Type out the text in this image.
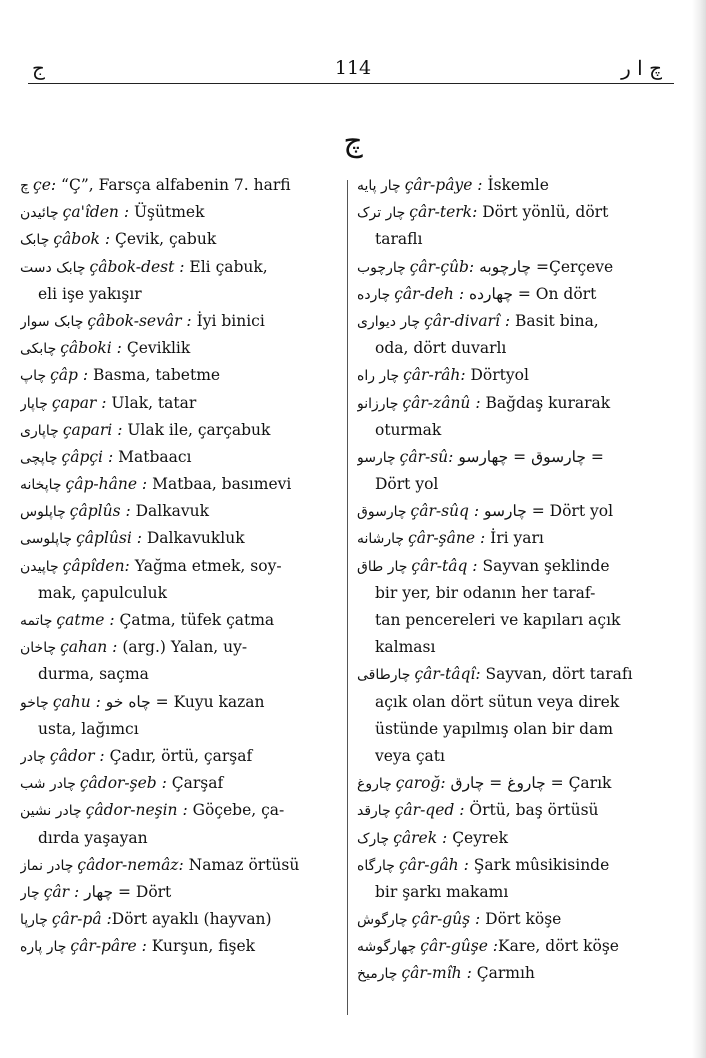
ج	114	چ ا ر
چ
چ çe: “Ç”, Farsça alfabenin 7. harfi
چائیدن ça'îden : Üşütmek
چابک çâbok : Çevik, çabuk
چابک دست çâbok-dest : Eli çabuk,
eli işe yakışır
چابک سوار çâbok-sevâr : İyi binici
چابکی çâboki : Çeviklik
چاپ çâp : Basma, tabetme
چاپار çapar : Ulak, tatar
چاپاری çapari : Ulak ile, çarçabuk
چاپچی çâpçi : Matbaacı
چاپخانه çâp-hâne : Matbaa, basımevi
چاپلوس çâplûs : Dalkavuk
چاپلوسی çâplûsi : Dalkavukluk
چاپیدن çâpîden: Yağma etmek, soy-
mak, çapulculuk
چاتمه çatme : Çatma, tüfek çatma
چاخان çahan : (arg.) Yalan, uy-
durma, saçma
چاخو çahu : چاه خو = Kuyu kazan
usta, lağımcı
چادر çâdor : Çadır, örtü, çarşaf
چادر شب çâdor-şeb : Çarşaf
چادر نشین çâdor-neşin : Göçebe, ça-
dırda yaşayan
چادر نماز çâdor-nemâz: Namaz örtüsü
چار çâr : چهار = Dört
چارپا çâr-pâ :Dört ayaklı (hayvan)
چار پاره çâr-pâre : Kurşun, fişek
چار پایه çâr-pâye : İskemle
چار ترک çâr-terk: Dört yönlü, dört
taraflı
چارچوب çâr-çûb: چارچوبه =Çerçeve
چارده çâr-deh : چهارده = On dört
چار دیواری çâr-divarî : Basit bina,
oda, dört duvarlı
چار راه çâr-râh: Dörtyol
چارزانو çâr-zânû : Bağdaş kurarak
oturmak
چارسو çâr-sû: چارسوق = چهارسو =
Dört yol
چارسوق çâr-sûq : چارسو = Dört yol
چارشانه çâr-şâne : İri yarı
چار طاق çâr-tâq : Sayvan şeklinde
bir yer, bir odanın her taraf-
tan pencereleri ve kapıları açık
kalması
چارطاقی çâr-tâqî: Sayvan, dört tarafı
açık olan dört sütun veya direk
üstünde yapılmış olan bir dam
veya çatı
چاروغ çaroğ: چاروغ = چارق = Çarık
چارقد çâr-qed : Örtü, baş örtüsü
چارک çârek : Çeyrek
چارگاه çâr-gâh : Şark mûsikisinde
bir şarkı makamı
چارگوش çâr-gûş : Dört köşe
چهارگوشه çâr-gûşe :Kare, dört köşe
چارمیخ çâr-mîh : Çarmıh
